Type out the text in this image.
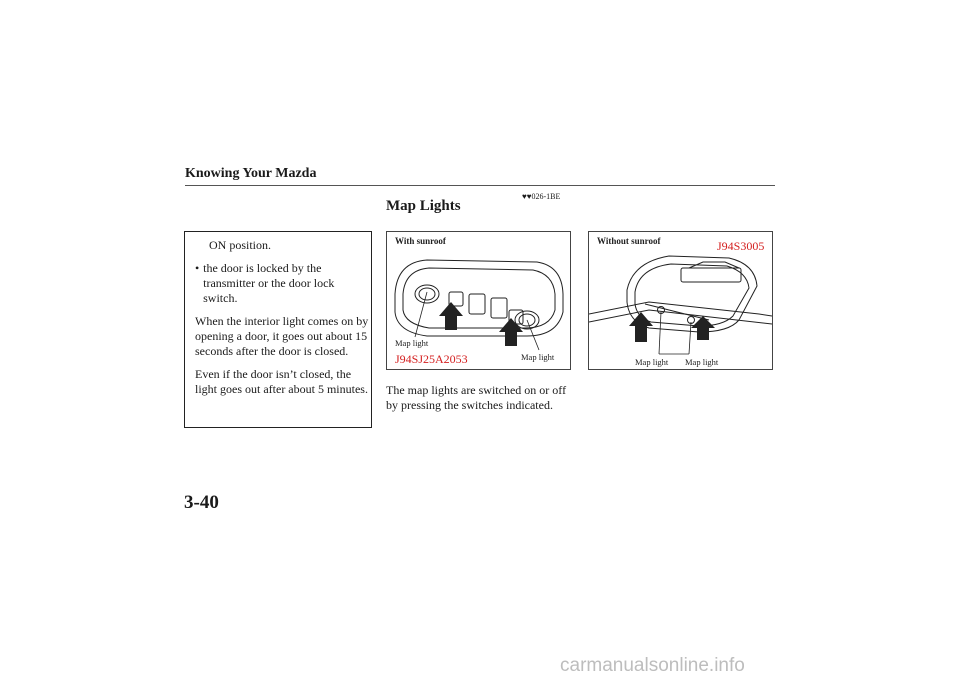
Knowing Your Mazda
♥♥026-1BE
Map Lights

ON position.

• the door is locked by the transmitter or the door lock switch.

When the interior light comes on by opening a door, it goes out about 15 seconds after the door is closed.

Even if the door isn’t closed, the light goes out after about 5 minutes.

With sunroof
Map light
Map light
J94SJ25A2053
Without sunroof	J94S3005
Map light Map light
The map lights are switched on or off by pressing the switches indicated.
3-40
carmanualsonline.info
